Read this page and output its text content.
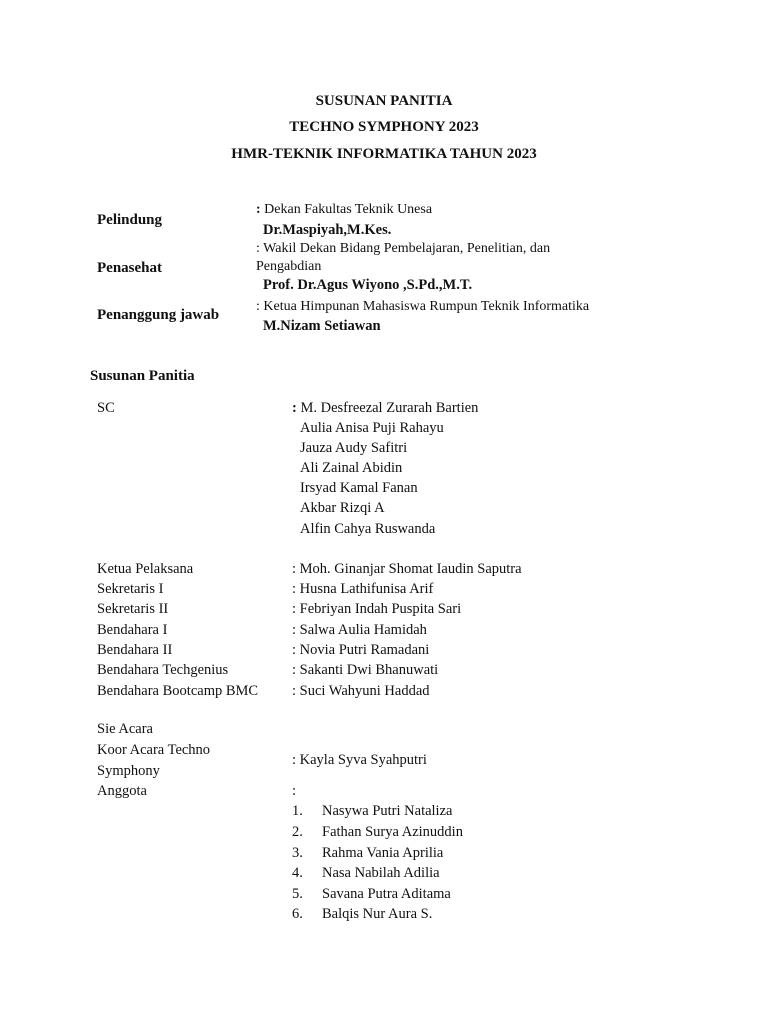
SUSUNAN PANITIA
TECHNO SYMPHONY 2023
HMR-TEKNIK INFORMATIKA TAHUN 2023
Pelindung
: Dekan Fakultas Teknik Unesa
Dr.Maspiyah,M.Kes.
Penasehat
: Wakil Dekan Bidang Pembelajaran, Penelitian, dan
Pengabdian
Prof. Dr.Agus Wiyono ,S.Pd.,M.T.
Penanggung jawab
: Ketua Himpunan Mahasiswa Rumpun Teknik Informatika
M.Nizam Setiawan
Susunan Panitia
SC	: M. Desfreezal Zurarah Bartien
Aulia Anisa Puji Rahayu
Jauza Audy Safitri
Ali Zainal Abidin
Irsyad Kamal Fanan
Akbar Rizqi A
Alfin Cahya Ruswanda
Ketua Pelaksana	: Moh. Ginanjar Shomat Iaudin Saputra
Sekretaris I	: Husna Lathifunisa Arif
Sekretaris II	: Febriyan Indah Puspita Sari
Bendahara I	: Salwa Aulia Hamidah
Bendahara II	: Novia Putri Ramadani
Bendahara Techgenius	: Sakanti Dwi Bhanuwati
Bendahara Bootcamp BMC : Suci Wahyuni Haddad
Sie Acara
Koor Acara Techno
Symphony
: Kayla Syva Syahputri
Anggota	:
1. Nasywa Putri Nataliza
2. Fathan Surya Azinuddin
3. Rahma Vania Aprilia
4. Nasa Nabilah Adilia
5. Savana Putra Aditama
6. Balqis Nur Aura S.
